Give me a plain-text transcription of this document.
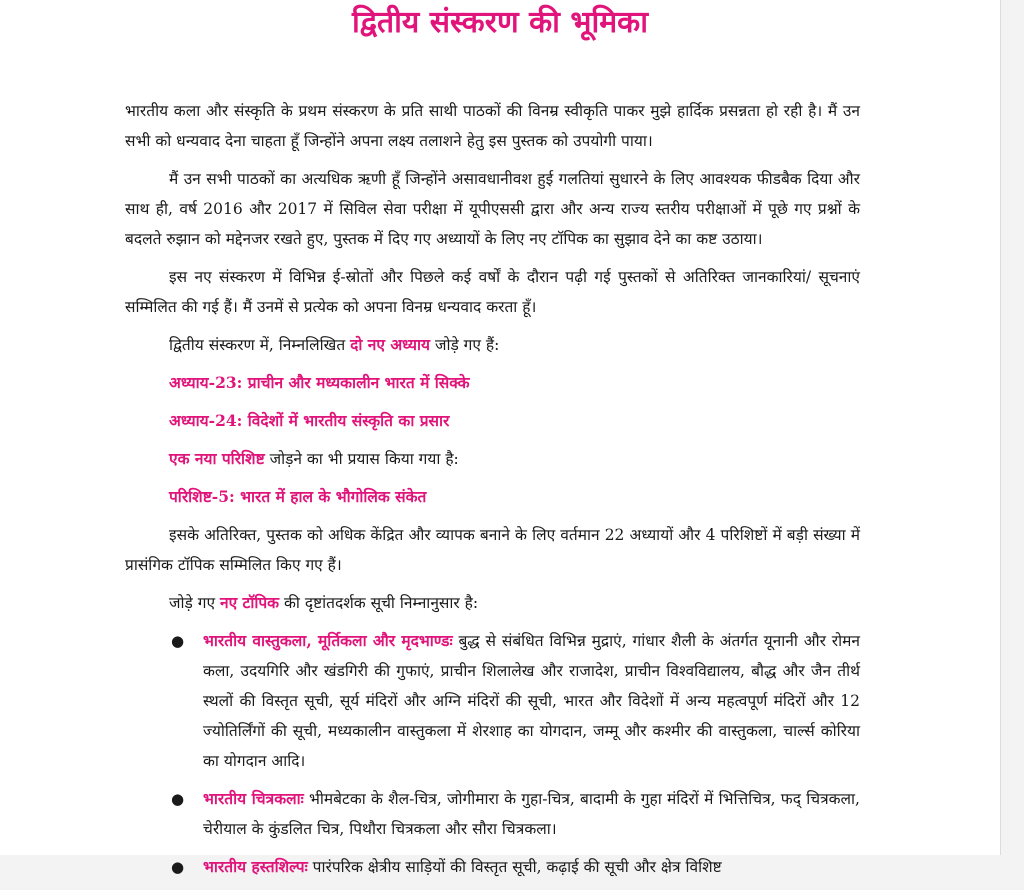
द्वितीय संस्करण की भूमिका

भारतीय कला और संस्कृति के प्रथम संस्करण के प्रति साथी पाठकों की विनम्र स्वीकृति पाकर मुझे हार्दिक प्रसन्नता हो रही है। मैं उन सभी को धन्यवाद देना चाहता हूँ जिन्होंने अपना लक्ष्य तलाशने हेतु इस पुस्तक को उपयोगी पाया।

मैं उन सभी पाठकों का अत्यधिक ऋणी हूँ जिन्होंने असावधानीवश हुई गलतियां सुधारने के लिए आवश्यक फीडबैक दिया और साथ ही, वर्ष 2016 और 2017 में सिविल सेवा परीक्षा में यूपीएससी द्वारा और अन्य राज्य स्तरीय परीक्षाओं में पूछे गए प्रश्नों के बदलते रुझान को मद्देनजर रखते हुए, पुस्तक में दिए गए अध्यायों के लिए नए टॉपिक का सुझाव देने का कष्ट उठाया।

इस नए संस्करण में विभिन्न ई-स्रोतों और पिछले कई वर्षों के दौरान पढ़ी गई पुस्तकों से अतिरिक्त जानकारियां/ सूचनाएं सम्मिलित की गई हैं। मैं उनमें से प्रत्येक को अपना विनम्र धन्यवाद करता हूँ।

द्वितीय संस्करण में, निम्नलिखित दो नए अध्याय जोड़े गए हैं:

अध्याय-23: प्राचीन और मध्यकालीन भारत में सिक्के

अध्याय-24: विदेशों में भारतीय संस्कृति का प्रसार

एक नया परिशिष्ट जोड़ने का भी प्रयास किया गया है:

परिशिष्ट-5: भारत में हाल के भौगोलिक संकेत

इसके अतिरिक्त, पुस्तक को अधिक केंद्रित और व्यापक बनाने के लिए वर्तमान 22 अध्यायों और 4 परिशिष्टों में बड़ी संख्या में प्रासंगिक टॉपिक सम्मिलित किए गए हैं।

जोड़े गए नए टॉपिक की दृष्टांतदर्शक सूची निम्नानुसार है:

● भारतीय वास्तुकला, मूर्तिकला और मृदभाण्डः बुद्ध से संबंधित विभिन्न मुद्राएं, गांधार शैली के अंतर्गत यूनानी और रोमन कला, उदयगिरि और खंडगिरी की गुफाएं, प्राचीन शिलालेख और राजादेश, प्राचीन विश्वविद्यालय, बौद्ध और जैन तीर्थ स्थलों की विस्तृत सूची, सूर्य मंदिरों और अग्नि मंदिरों की सूची, भारत और विदेशों में अन्य महत्वपूर्ण मंदिरों और 12 ज्योतिर्लिंगों की सूची, मध्यकालीन वास्तुकला में शेरशाह का योगदान, जम्मू और कश्मीर की वास्तुकला, चार्ल्स कोरिया का योगदान आदि।
● भारतीय चित्रकलाः भीमबेटका के शैल-चित्र, जोगीमारा के गुहा-चित्र, बादामी के गुहा मंदिरों में भित्तिचित्र, फद् चित्रकला, चेरीयाल के कुंडलित चित्र, पिथौरा चित्रकला और सौरा चित्रकला।
● भारतीय हस्तशिल्पः पारंपरिक क्षेत्रीय साड़ियों की विस्तृत सूची, कढ़ाई की सूची और क्षेत्र विशिष्ट
